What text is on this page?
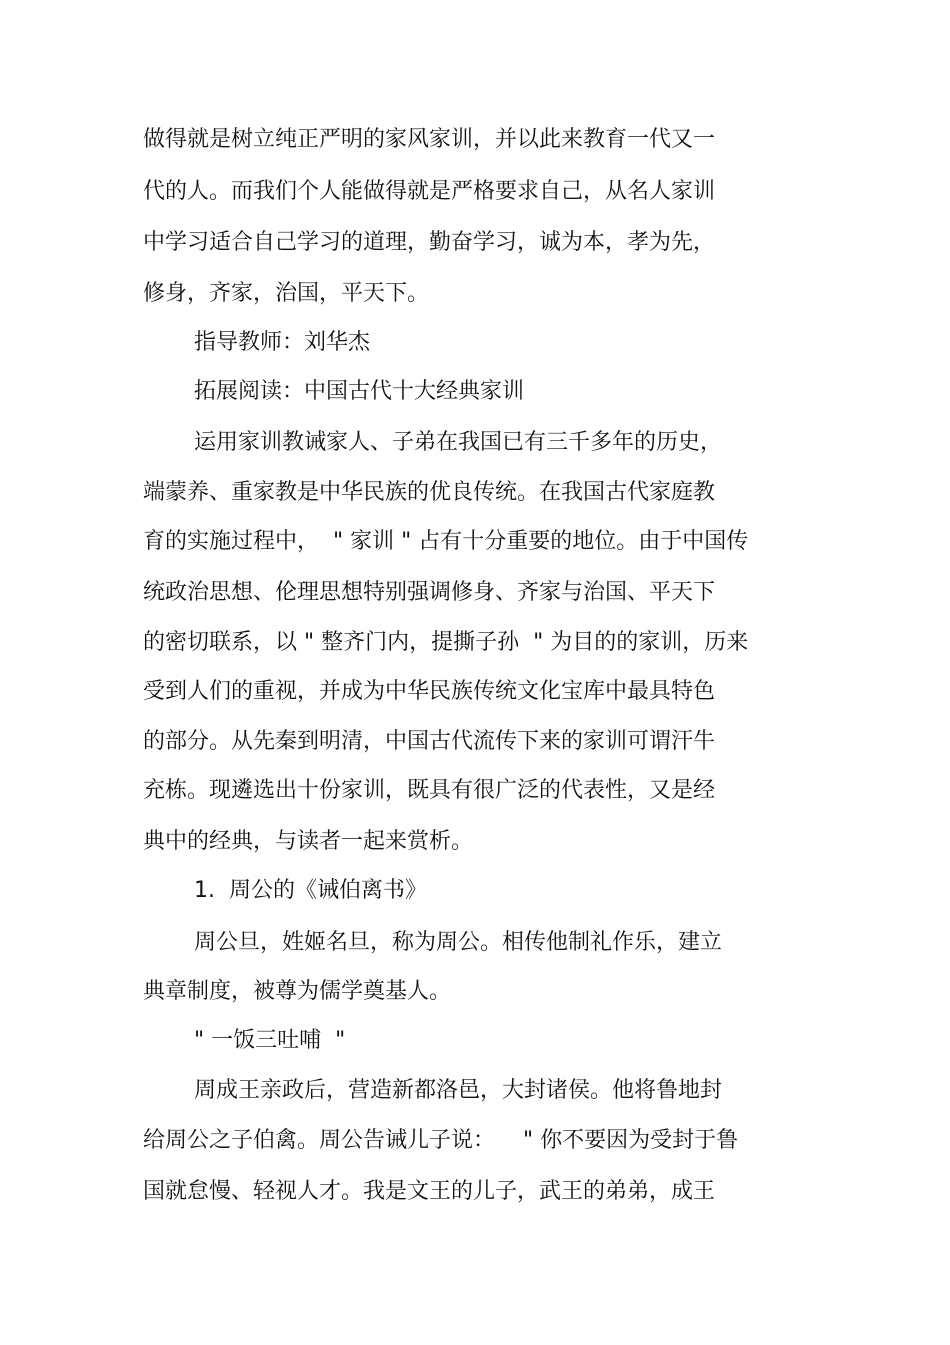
做得就是树立纯正严明的家风家训，并以此来教育一代又一
代的人。而我们个人能做得就是严格要求自己，从名人家训
中学习适合自己学习的道理，勤奋学习，诚为本，孝为先，
修身，齐家，治国，平天下。
指导教师：刘华杰
拓展阅读：中国古代十大经典家训
运用家训教诫家人、子弟在我国已有三千多年的历史，
端蒙养、重家教是中华民族的优良传统。在我国古代家庭教
育的实施过程中，  " 家训 " 占有十分重要的地位。由于中国传
统政治思想、伦理思想特别强调修身、齐家与治国、平天下
的密切联系，以 " 整齐门内，提撕子孙  " 为目的的家训，历来
受到人们的重视，并成为中华民族传统文化宝库中最具特色
的部分。从先秦到明清，中国古代流传下来的家训可谓汗牛
充栋。现遴选出十份家训，既具有很广泛的代表性，又是经
典中的经典，与读者一起来赏析。
1.  周公的《诫伯离书》
周公旦，姓姬名旦，称为周公。相传他制礼作乐，建立
典章制度，被尊为儒学奠基人。
" 一饭三吐哺  "
周成王亲政后，营造新都洛邑，大封诸侯。他将鲁地封
给周公之子伯禽。周公告诫儿子说：    " 你不要因为受封于鲁
国就怠慢、轻视人才。我是文王的儿子，武王的弟弟，成王
